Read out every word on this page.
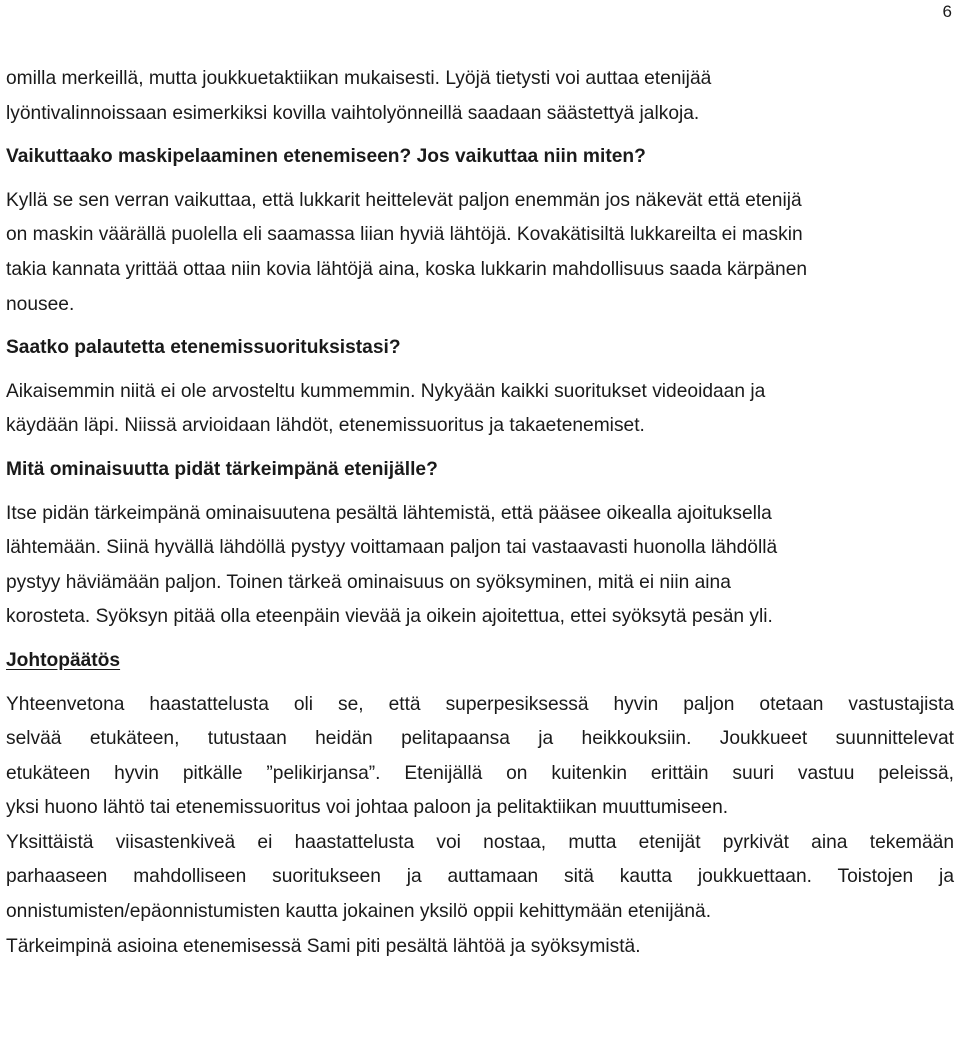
6
omilla merkeillä, mutta joukkuetaktiikan mukaisesti. Lyöjä tietysti voi auttaa etenijää
lyöntivalinnoissaan esimerkiksi kovilla vaihtolyönneillä saadaan säästettyä jalkoja.
Vaikuttaako maskipelaaminen etenemiseen? Jos vaikuttaa niin miten?
Kyllä se sen verran vaikuttaa, että lukkarit heittelevät paljon enemmän jos näkevät että etenijä
on maskin väärällä puolella eli saamassa liian hyviä lähtöjä. Kovakätisiltä lukkareilta ei maskin
takia kannata yrittää ottaa niin kovia lähtöjä aina, koska lukkarin mahdollisuus saada kärpänen
nousee.
Saatko palautetta etenemissuorituksistasi?
Aikaisemmin niitä ei ole arvosteltu kummemmin. Nykyään kaikki suoritukset videoidaan ja
käydään läpi. Niissä arvioidaan lähdöt, etenemissuoritus ja takaetenemiset.
Mitä ominaisuutta pidät tärkeimpänä etenijälle?
Itse pidän tärkeimpänä ominaisuutena pesältä lähtemistä, että pääsee oikealla ajoituksella
lähtemään. Siinä hyvällä lähdöllä pystyy voittamaan paljon tai vastaavasti huonolla lähdöllä
pystyy häviämään paljon. Toinen tärkeä ominaisuus on syöksyminen, mitä ei niin aina
korosteta. Syöksyn pitää olla eteenpäin vievää ja oikein ajoitettua, ettei syöksytä pesän yli.
Johtopäätös
Yhteenvetona haastattelusta oli se, että superpesiksessä hyvin paljon otetaan vastustajista
selvää etukäteen, tutustaan heidän pelitapaansa ja heikkouksiin. Joukkueet suunnittelevat
etukäteen hyvin pitkälle ”pelikirjansa”. Etenijällä on kuitenkin erittäin suuri vastuu peleissä,
yksi huono lähtö tai etenemissuoritus voi johtaa paloon ja pelitaktiikan muuttumiseen.
Yksittäistä viisastenkiveä ei haastattelusta voi nostaa, mutta etenijät pyrkivät aina tekemään
parhaaseen mahdolliseen suoritukseen ja auttamaan sitä kautta joukkuettaan. Toistojen ja
onnistumisten/epäonnistumisten kautta jokainen yksilö oppii kehittymään etenijänä.
Tärkeimpinä asioina etenemisessä Sami piti pesältä lähtöä ja syöksymistä.
